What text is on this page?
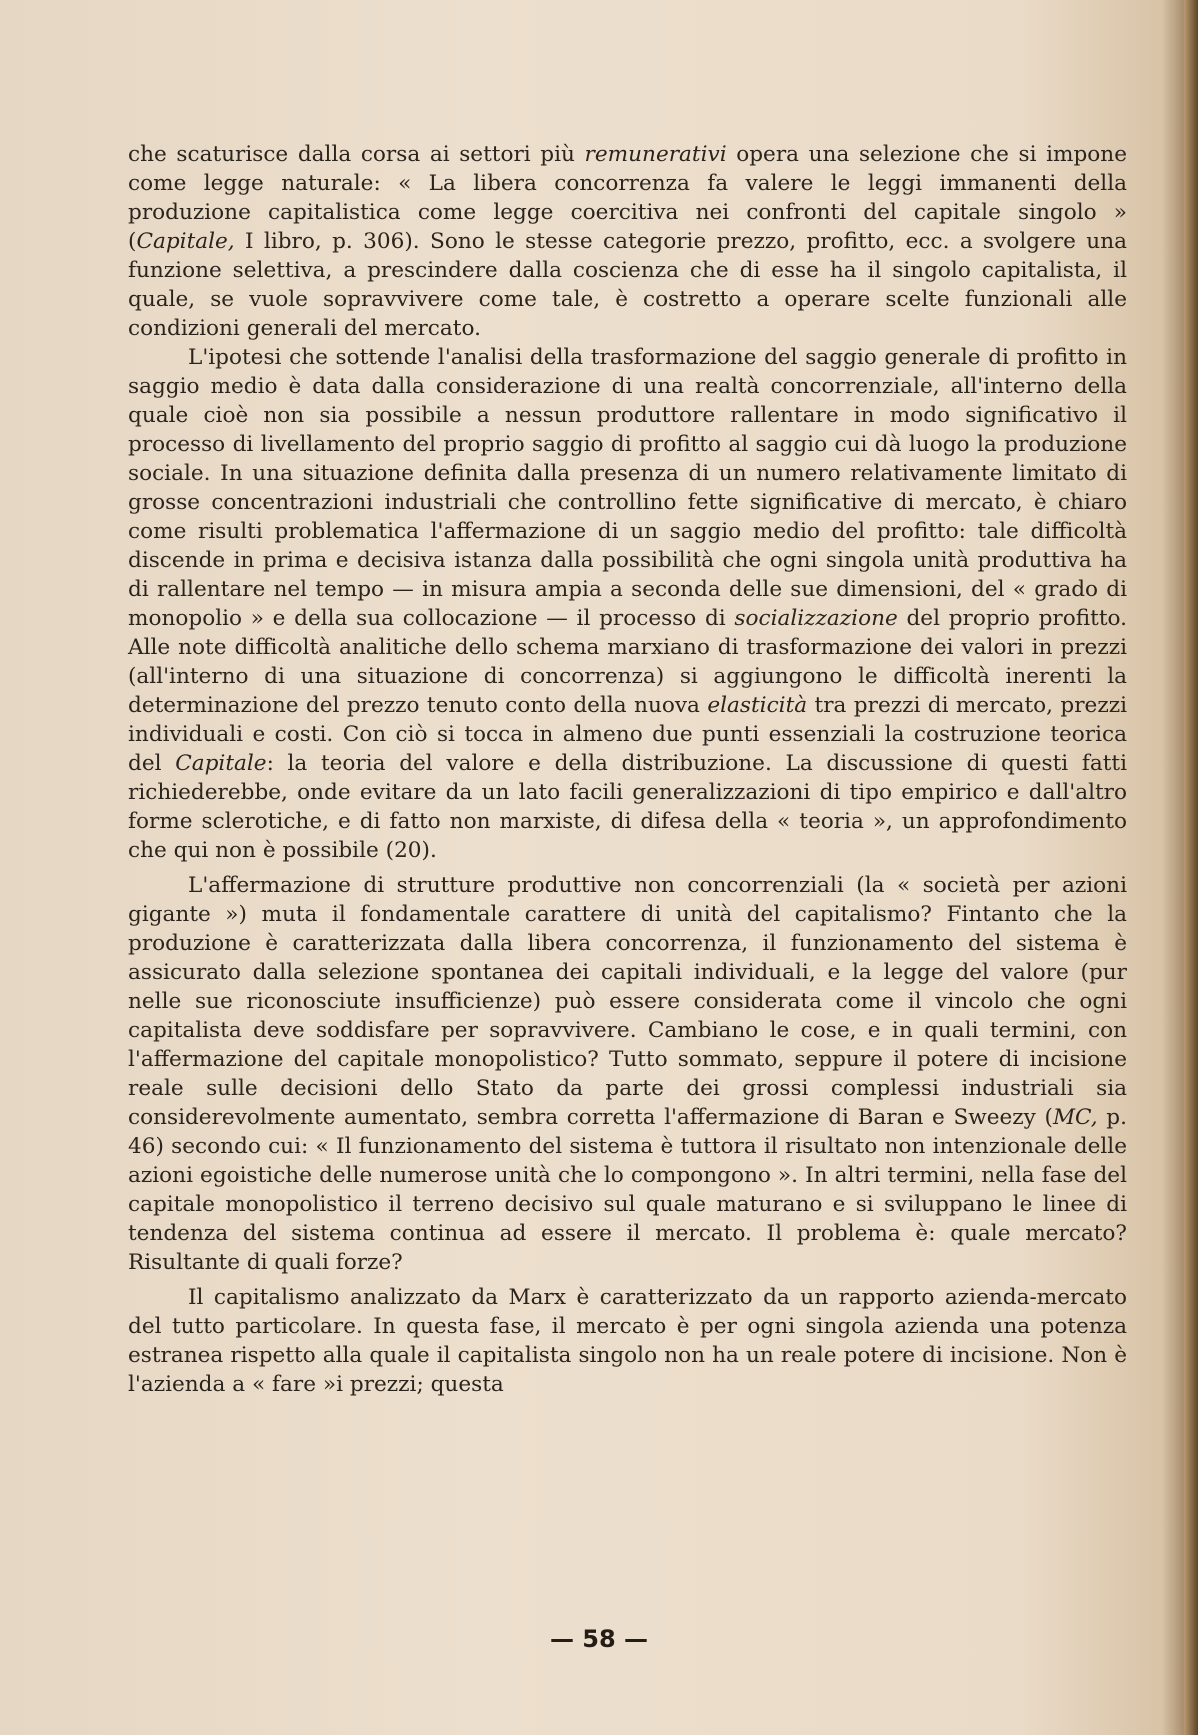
che scaturisce dalla corsa ai settori più remunerativi opera una selezione che si impone come legge naturale: « La libera concorrenza fa valere le leggi immanenti della produzione capitalistica come legge coercitiva nei confronti del capitale singolo » (Capitale, I libro, p. 306). Sono le stesse categorie prezzo, profitto, ecc. a svolgere una funzione selettiva, a prescindere dalla coscienza che di esse ha il singolo capitalista, il quale, se vuole sopravvivere come tale, è costretto a operare scelte funzionali alle condizioni generali del mercato.

L'ipotesi che sottende l'analisi della trasformazione del saggio generale di profitto in saggio medio è data dalla considerazione di una realtà concorrenziale, all'interno della quale cioè non sia possibile a nessun produttore rallentare in modo significativo il processo di livellamento del proprio saggio di profitto al saggio cui dà luogo la produzione sociale. In una situazione definita dalla presenza di un numero relativamente limitato di grosse concentrazioni industriali che controllino fette significative di mercato, è chiaro come risulti problematica l'affermazione di un saggio medio del profitto: tale difficoltà discende in prima e decisiva istanza dalla possibilità che ogni singola unità produttiva ha di rallentare nel tempo — in misura ampia a seconda delle sue dimensioni, del « grado di monopolio » e della sua collocazione — il processo di socializzazione del proprio profitto. Alle note difficoltà analitiche dello schema marxiano di trasformazione dei valori in prezzi (all'interno di una situazione di concorrenza) si aggiungono le difficoltà inerenti la determinazione del prezzo tenuto conto della nuova elasticità tra prezzi di mercato, prezzi individuali e costi. Con ciò si tocca in almeno due punti essenziali la costruzione teorica del Capitale: la teoria del valore e della distribuzione. La discussione di questi fatti richiederebbe, onde evitare da un lato facili generalizzazioni di tipo empirico e dall'altro forme sclerotiche, e di fatto non marxiste, di difesa della « teoria », un approfondimento che qui non è possibile (20).

L'affermazione di strutture produttive non concorrenziali (la « società per azioni gigante ») muta il fondamentale carattere di unità del capitalismo? Fintanto che la produzione è caratterizzata dalla libera concorrenza, il funzionamento del sistema è assicurato dalla selezione spontanea dei capitali individuali, e la legge del valore (pur nelle sue riconosciute insufficienze) può essere considerata come il vincolo che ogni capitalista deve soddisfare per sopravvivere. Cambiano le cose, e in quali termini, con l'affermazione del capitale monopolistico? Tutto sommato, seppure il potere di incisione reale sulle decisioni dello Stato da parte dei grossi complessi industriali sia considerevolmente aumentato, sembra corretta l'affermazione di Baran e Sweezy (MC, p. 46) secondo cui: « Il funzionamento del sistema è tuttora il risultato non intenzionale delle azioni egoistiche delle numerose unità che lo compongono ». In altri termini, nella fase del capitale monopolistico il terreno decisivo sul quale maturano e si sviluppano le linee di tendenza del sistema continua ad essere il mercato. Il problema è: quale mercato? Risultante di quali forze?

Il capitalismo analizzato da Marx è caratterizzato da un rapporto azienda-mercato del tutto particolare. In questa fase, il mercato è per ogni singola azienda una potenza estranea rispetto alla quale il capitalista singolo non ha un reale potere di incisione. Non è l'azienda a « fare »i prezzi; questa

— 58 —
